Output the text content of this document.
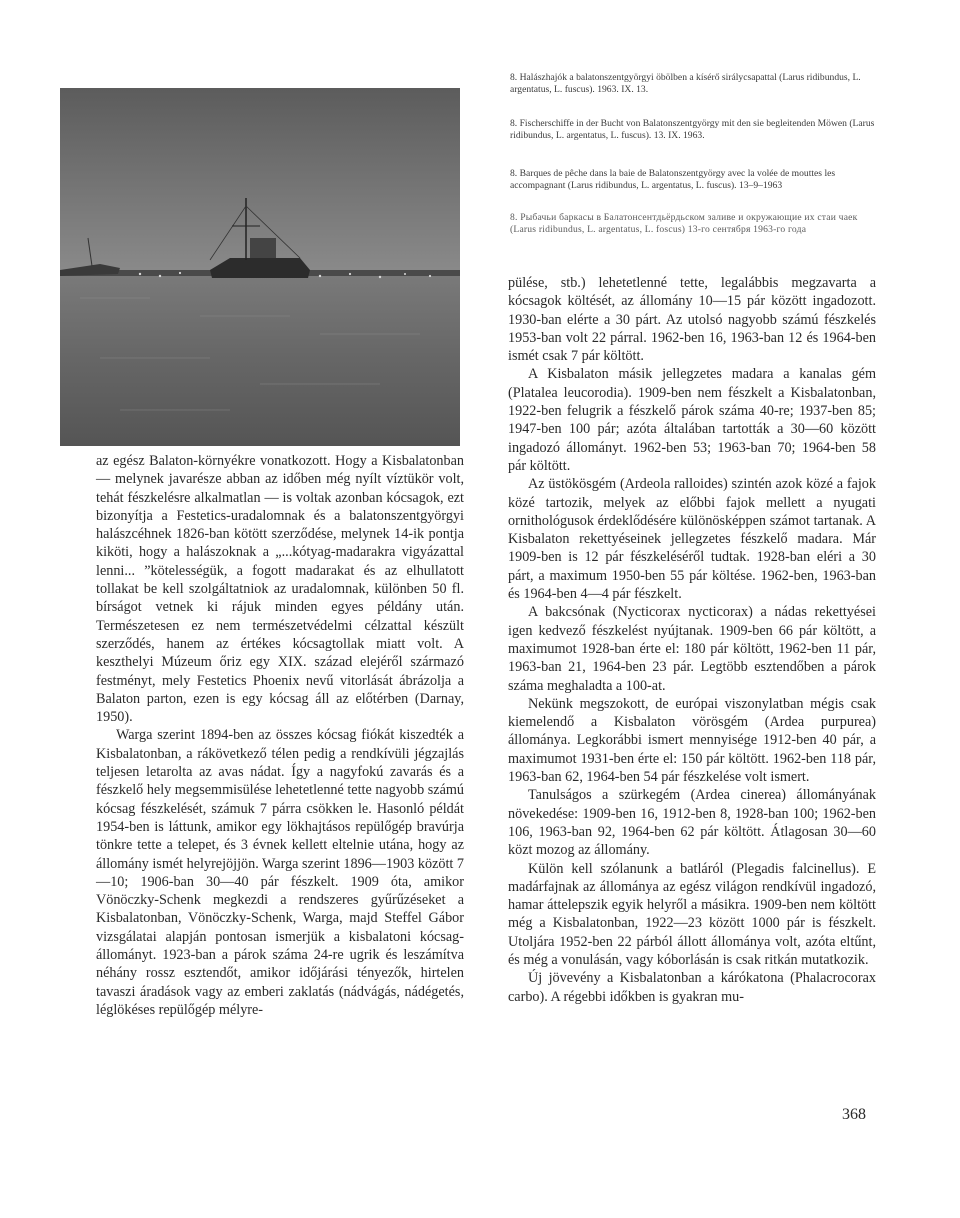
8. Halászhajók a balatonszentgyörgyi öbölben a kísérő sirálycsapattal (Larus ridibundus, L. argentatus, L. fuscus). 1963. IX. 13.
8. Fischerschiffe in der Bucht von Balatonszentgyörgy mit den sie begleitenden Möwen (Larus ridibundus, L. argentatus, L. fuscus). 13. IX. 1963.
8. Barques de pêche dans la baie de Balatonszentgyörgy avec la volée de mouttes les accompagnant (Larus ridibundus, L. argentatus, L. fuscus). 13–9–1963
8. Рыбачьи баркасы в Балатонсентдьёрдьском заливе и окружающие их стаи чаек (Larus ridibundus, L. argentatus, L. foscus) 13-го сентября 1963-го года

az egész Balaton-környékre vonatkozott. Hogy a Kisbalatonban — melynek javarésze abban az időben még nyílt víztükör volt, tehát fészkelésre alkalmatlan — is voltak azonban kócsagok, ezt bizonyítja a Festetics-uradalomnak és a balatonszentgyörgyi halászcéhnek 1826-ban kötött szerződése, melynek 14-ik pontja kiköti, hogy a halászoknak a „...kótyag-madarakra vigyázattal lenni... ”kötelességük, a fogott madarakat és az elhullatott tollakat be kell szolgáltatniok az uradalomnak, különben 50 fl. bírságot vetnek ki rájuk minden egyes példány után. Természetesen ez nem természetvédelmi célzattal készült szerződés, hanem az értékes kócsagtollak miatt volt. A keszthelyi Múzeum őriz egy XIX. század elejéről származó festményt, mely Festetics Phoenix nevű vitorlását ábrázolja a Balaton parton, ezen is egy kócsag áll az előtérben (Darnay, 1950).

Warga szerint 1894-ben az összes kócsag fiókát kiszedték a Kisbalatonban, a rákövetkező télen pedig a rendkívüli jégzajlás teljesen letarolta az avas nádat. Így a nagyfokú zavarás és a fészkelő hely megsemmisülése lehetetlenné tette nagyobb számú kócsag fészkelését, számuk 7 párra csökken le. Hasonló példát 1954-ben is láttunk, amikor egy lökhajtásos repülőgép bravúrja tönkre tette a telepet, és 3 évnek kellett eltelnie utána, hogy az állomány ismét helyrejöjjön. Warga szerint 1896—1903 között 7—10; 1906-ban 30—40 pár fészkelt. 1909 óta, amikor Vönöczky-Schenk megkezdi a rendszeres gyűrűzéseket a Kisbalatonban, Vönöczky-Schenk, Warga, majd Steffel Gábor vizsgálatai alapján pontosan ismerjük a kisbalatoni kócsag-állományt. 1923-ban a párok száma 24-re ugrik és leszámítva néhány rossz esztendőt, amikor időjárási tényezők, hirtelen tavaszi áradások vagy az emberi zaklatás (nádvágás, nádégetés, léglökéses repülőgép mélyre-

pülése, stb.) lehetetlenné tette, legalábbis megzavarta a kócsagok költését, az állomány 10—15 pár között ingadozott. 1930-ban elérte a 30 párt. Az utolsó nagyobb számú fészkelés 1953-ban volt 22 párral. 1962-ben 16, 1963-ban 12 és 1964-ben ismét csak 7 pár költött.

A Kisbalaton másik jellegzetes madara a kanalas gém (Platalea leucorodia). 1909-ben nem fészkelt a Kisbalatonban, 1922-ben felugrik a fészkelő párok száma 40-re; 1937-ben 85; 1947-ben 100 pár; azóta általában tartották a 30—60 között ingadozó állományt. 1962-ben 53; 1963-ban 70; 1964-ben 58 pár költött.

Az üstökösgém (Ardeola ralloides) szintén azok közé a fajok közé tartozik, melyek az előbbi fajok mellett a nyugati ornithológusok érdeklődésére különösképpen számot tartanak. A Kisbalaton rekettyéseinek jellegzetes fészkelő madara. Már 1909-ben is 12 pár fészkeléséről tudtak. 1928-ban eléri a 30 párt, a maximum 1950-ben 55 pár költése. 1962-ben, 1963-ban és 1964-ben 4—4 pár fészkelt.

A bakcsónak (Nycticorax nycticorax) a nádas rekettyései igen kedvező fészkelést nyújtanak. 1909-ben 66 pár költött, a maximumot 1928-ban érte el: 180 pár költött, 1962-ben 11 pár, 1963-ban 21, 1964-ben 23 pár. Legtöbb esztendőben a párok száma meghaladta a 100-at.

Nekünk megszokott, de európai viszonylatban mégis csak kiemelendő a Kisbalaton vörösgém (Ardea purpurea) állománya. Legkorábbi ismert mennyisége 1912-ben 40 pár, a maximumot 1931-ben érte el: 150 pár költött. 1962-ben 118 pár, 1963-ban 62, 1964-ben 54 pár fészkelése volt ismert.

Tanulságos a szürkegém (Ardea cinerea) állományának növekedése: 1909-ben 16, 1912-ben 8, 1928-ban 100; 1962-ben 106, 1963-ban 92, 1964-ben 62 pár költött. Átlagosan 30—60 közt mozog az állomány.

Külön kell szólanunk a batláról (Plegadis falcinellus). E madárfajnak az állománya az egész világon rendkívül ingadozó, hamar áttelepszik egyik helyről a másikra. 1909-ben nem költött még a Kisbalatonban, 1922—23 között 1000 pár is fészkelt. Utoljára 1952-ben 22 párból állott állománya volt, azóta eltűnt, és még a vonulásán, vagy kóborlásán is csak ritkán mutatkozik.

Új jövevény a Kisbalatonban a kárókatona (Phalacrocorax carbo). A régebbi időkben is gyakran mu-

368
